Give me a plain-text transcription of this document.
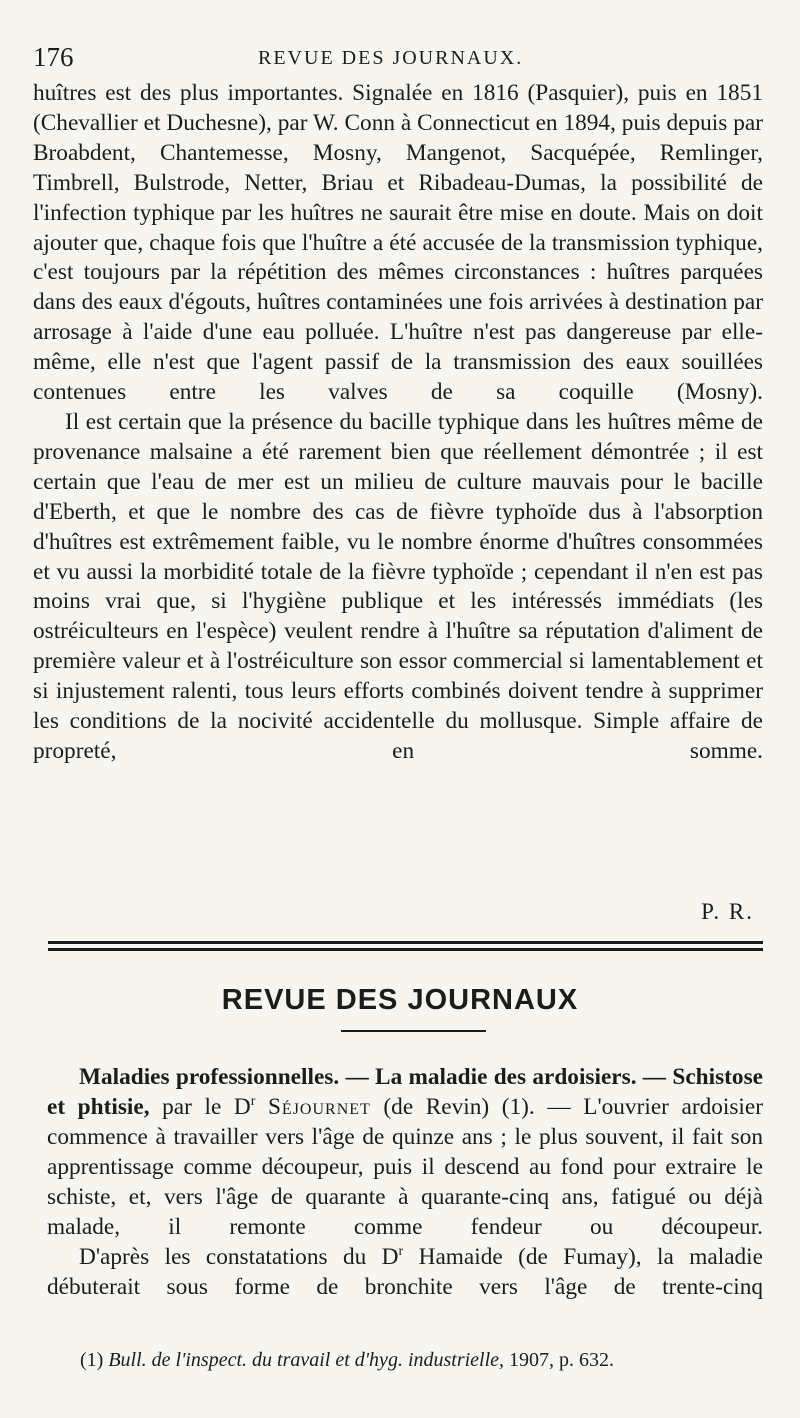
176	REVUE DES JOURNAUX.

huîtres est des plus importantes. Signalée en 1816 (Pasquier), puis en 1851 (Chevallier et Duchesne), par W. Conn à Connecticut en 1894, puis depuis par Broabdent, Chantemesse, Mosny, Mangenot, Sacquépée, Remlinger, Timbrell, Bulstrode, Netter, Briau et Ribadeau-Dumas, la possibilité de l'infection typhique par les huîtres ne saurait être mise en doute. Mais on doit ajouter que, chaque fois que l'huître a été accusée de la transmission typhique, c'est toujours par la répétition des mêmes circonstances : huîtres parquées dans des eaux d'égouts, huîtres contaminées une fois arrivées à destination par arrosage à l'aide d'une eau polluée. L'huître n'est pas dangereuse par elle-même, elle n'est que l'agent passif de la transmission des eaux souillées contenues entre les valves de sa coquille (Mosny).

Il est certain que la présence du bacille typhique dans les huîtres même de provenance malsaine a été rarement bien que réellement démontrée ; il est certain que l'eau de mer est un milieu de culture mauvais pour le bacille d'Eberth, et que le nombre des cas de fièvre typhoïde dus à l'absorption d'huîtres est extrêmement faible, vu le nombre énorme d'huîtres consommées et vu aussi la morbidité totale de la fièvre typhoïde ; cependant il n'en est pas moins vrai que, si l'hygiène publique et les intéressés immédiats (les ostréiculteurs en l'espèce) veulent rendre à l'huître sa réputation d'aliment de première valeur et à l'ostréiculture son essor commercial si lamentablement et si injustement ralenti, tous leurs efforts combinés doivent tendre à supprimer les conditions de la nocivité accidentelle du mollusque. Simple affaire de propreté, en somme.

P. R.
REVUE DES JOURNAUX

Maladies professionnelles. — La maladie des ardoisiers. — Schistose et phtisie, par le $D^r$ Séjournet (de Revin) (1). — L'ouvrier ardoisier commence à travailler vers l'âge de quinze ans ; le plus souvent, il fait son apprentissage comme découpeur, puis il descend au fond pour extraire le schiste, et, vers l'âge de quarante à quarante-cinq ans, fatigué ou déjà malade, il remonte comme fendeur ou découpeur.

D'après les constatations du $D^r$ Hamaide (de Fumay), la maladie débuterait sous forme de bronchite vers l'âge de trente-cinq

(1) Bull. de l'inspect. du travail et d'hyg. industrielle, 1907, p. 632.
